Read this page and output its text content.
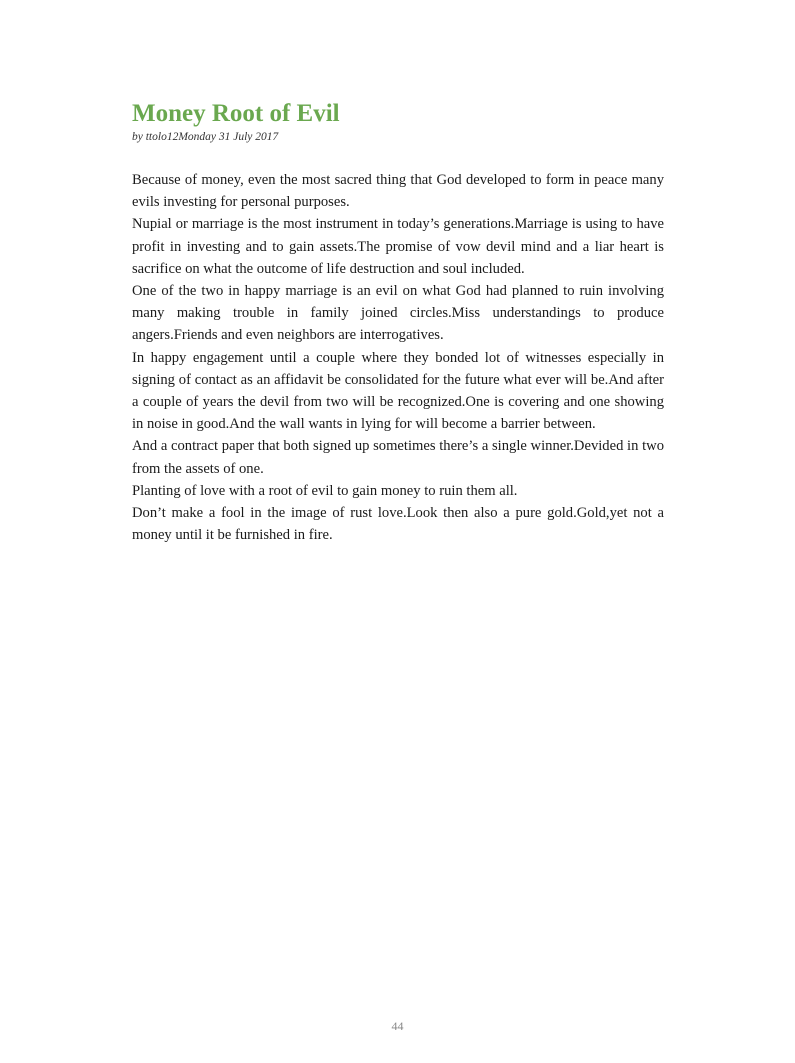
Money Root of Evil

by ttolo12Monday 31 July 2017

Because of money, even the most sacred thing that God developed to form in peace many evils investing for personal purposes.

Nupial or marriage is the most instrument in today’s generations.Marriage is using to have profit in investing and to gain assets.The promise of vow devil mind and a liar heart is sacrifice on what the outcome of life destruction and soul included.

One of the two in happy marriage is an evil on what God had planned to ruin involving many making trouble in family joined circles.Miss understandings to produce angers.Friends and even neighbors are interrogatives.

In happy engagement until a couple where they bonded lot of witnesses especially in signing of contact as an affidavit be consolidated for the future what ever will be.And after a couple of years the devil from two will be recognized.One is covering and one showing in noise in good.And the wall wants in lying for will become a barrier between.

And a contract paper that both signed up sometimes there’s a single winner.Devided in two from the assets of one.

Planting of love with a root of evil to gain money to ruin them all.

Don’t make a fool in the image of rust love.Look then also a pure gold.Gold,yet not a money until it be furnished in fire.

44
